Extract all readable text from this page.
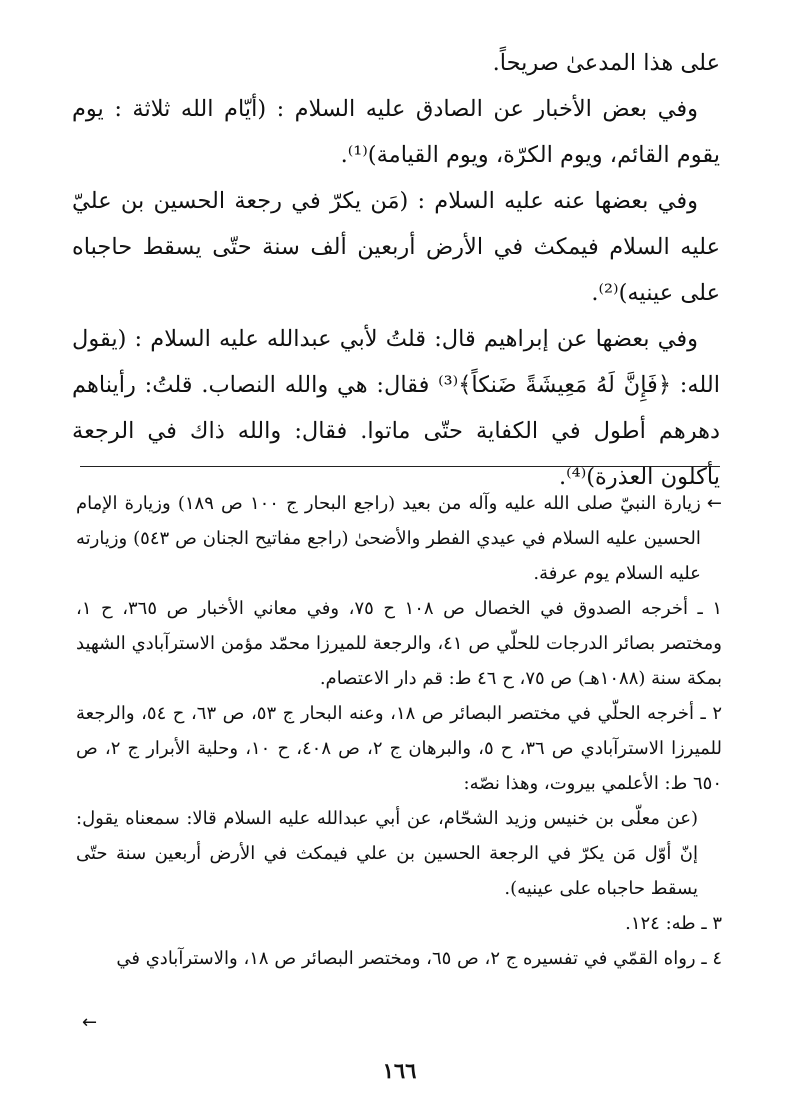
على هذا المدعىٰ صريحاً.

وفي بعض الأخبار عن الصادق عليه السلام : (أيّام الله ثلاثة : يوم يقوم القائم، ويوم الكرّة، ويوم القيامة)⁽¹⁾.

وفي بعضها عنه عليه السلام : (مَن يكرّ في رجعة الحسين بن عليّ عليه السلام فيمكث في الأرض أربعين ألف سنة حتّى يسقط حاجباه على عينيه)⁽²⁾.

وفي بعضها عن إبراهيم قال: قلتُ لأبي عبدالله عليه السلام : (يقول الله: ﴿فَإِنَّ لَهُ مَعِيشَةً ضَنكاً﴾⁽³⁾ فقال: هي والله النصاب. قلتُ: رأيناهم دهرهم أطول في الكفاية حتّى ماتوا. فقال: والله ذاك في الرجعة يأكلون العذرة)⁽⁴⁾.

←
زيارة النبيّ صلى الله عليه وآله من بعيد (راجع البحار ج ١٠٠ ص ١٨٩) وزيارة الإمام الحسين عليه السلام في عيدي الفطر والأضحىٰ (راجع مفاتيح الجنان ص ٥٤٣) وزيارته عليه السلام يوم عرفة.

١ ـ أخرجه الصدوق في الخصال ص ١٠٨ ح ٧٥، وفي معاني الأخبار ص ٣٦٥، ح ١، ومختصر بصائر الدرجات للحلّي ص ٤١، والرجعة للميرزا محمّد مؤمن الاسترآبادي الشهيد بمكة سنة (١٠٨٨هـ) ص ٧٥، ح ٤٦ ط: قم دار الاعتصام.

٢ ـ أخرجه الحلّي في مختصر البصائر ص ١٨، وعنه البحار ج ٥٣، ص ٦٣، ح ٥٤، والرجعة للميرزا الاسترآبادي ص ٣٦، ح ٥، والبرهان ج ٢، ص ٤٠٨، ح ١٠، وحلية الأبرار ج ٢، ص ٦٥٠ ط: الأعلمي بيروت، وهذا نصّه:

(عن معلّى بن خنيس وزيد الشحّام، عن أبي عبدالله عليه السلام قالا: سمعناه يقول: إنّ أوّل مَن يكرّ في الرجعة الحسين بن علي فيمكث في الأرض أربعين سنة حتّى يسقط حاجباه على عينيه).

٣ ـ طه: ١٢٤.

٤ ـ رواه القمّي في تفسيره ج ٢، ص ٦٥، ومختصر البصائر ص ١٨، والاسترآبادي في

←
١٦٦
